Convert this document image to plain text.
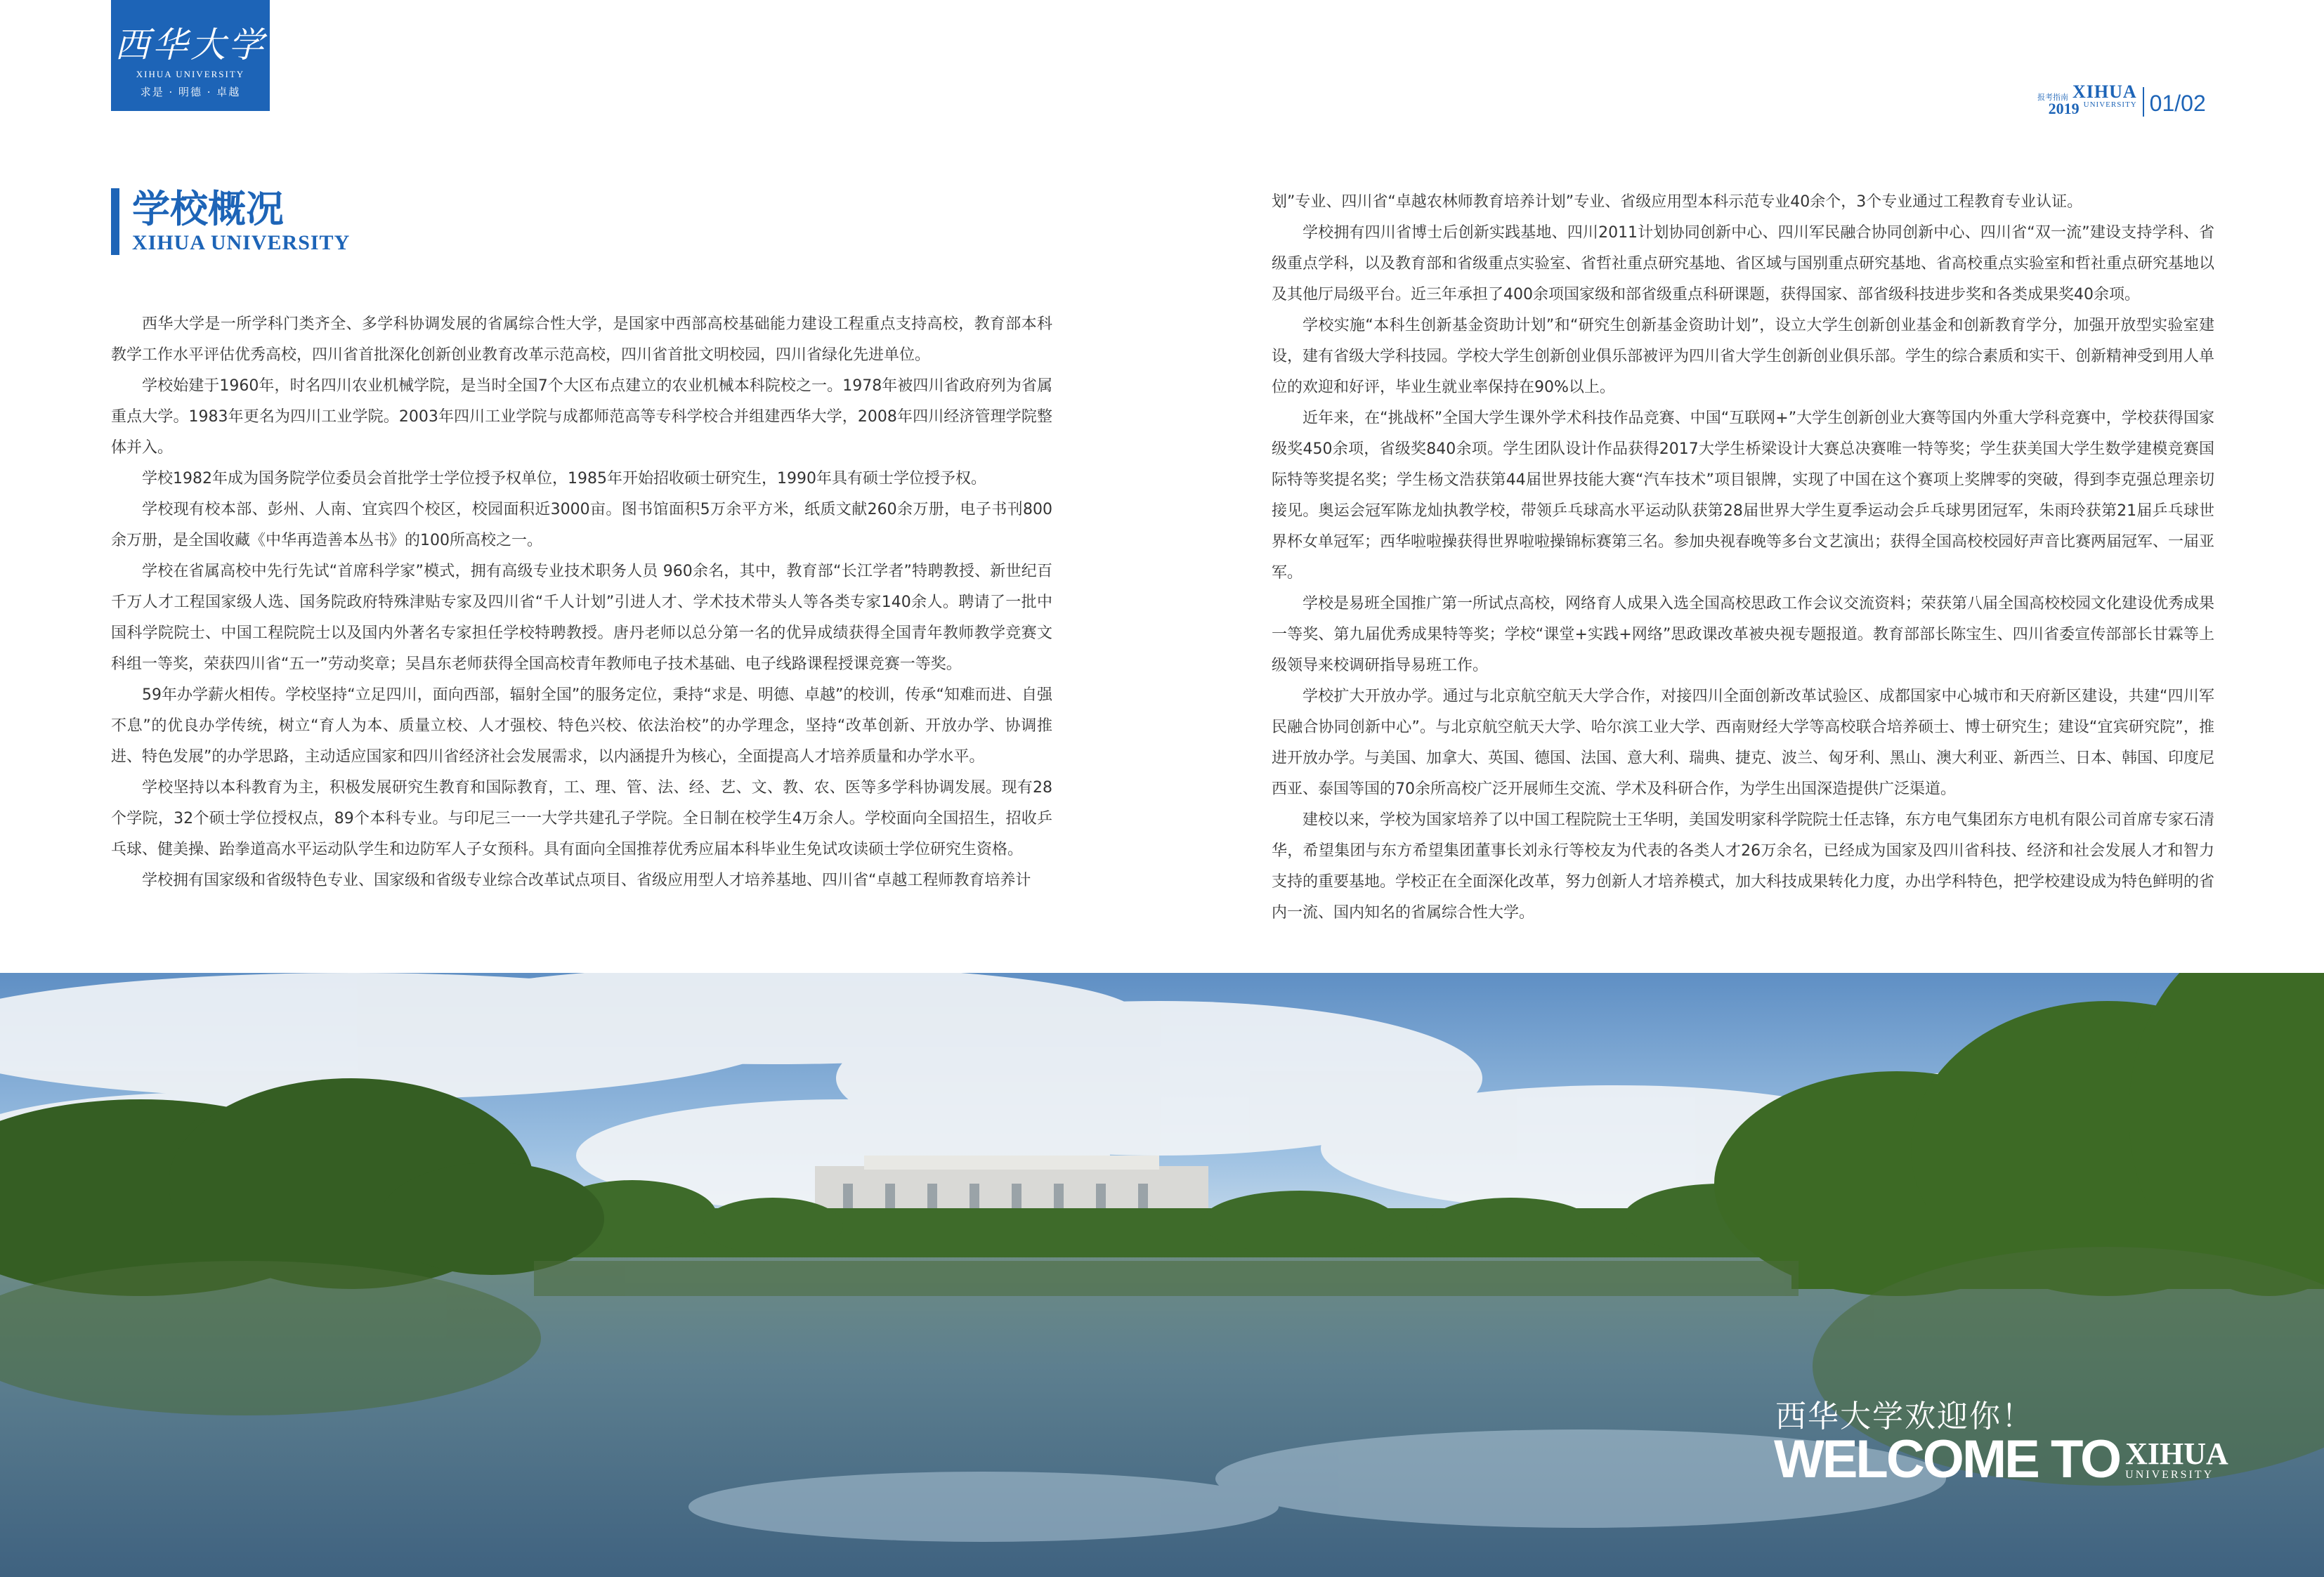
西华大学
XIHUA UNIVERSITY
求是 · 明德 · 卓越	报考指南 XIHUA
2019 UNIVERSITY 01/02
学校概况
XIHUA UNIVERSITY

西华大学是一所学科门类齐全、多学科协调发展的省属综合性大学，是国家中西部高校基础能力建设工程重点支持高校，教育部本科教学工作水平评估优秀高校，四川省首批深化创新创业教育改革示范高校，四川省首批文明校园，四川省绿化先进单位。

学校始建于1960年，时名四川农业机械学院，是当时全国7个大区布点建立的农业机械本科院校之一。1978年被四川省政府列为省属重点大学。1983年更名为四川工业学院。2003年四川工业学院与成都师范高等专科学校合并组建西华大学，2008年四川经济管理学院整体并入。

学校1982年成为国务院学位委员会首批学士学位授予权单位，1985年开始招收硕士研究生，1990年具有硕士学位授予权。

学校现有校本部、彭州、人南、宜宾四个校区，校园面积近3000亩。图书馆面积5万余平方米，纸质文献260余万册，电子书刊800余万册，是全国收藏《中华再造善本丛书》的100所高校之一。

学校在省属高校中先行先试“首席科学家”模式，拥有高级专业技术职务人员 960余名，其中，教育部“长江学者”特聘教授、新世纪百千万人才工程国家级人选、国务院政府特殊津贴专家及四川省“千人计划”引进人才、学术技术带头人等各类专家140余人。聘请了一批中国科学院院士、中国工程院院士以及国内外著名专家担任学校特聘教授。唐丹老师以总分第一名的优异成绩获得全国青年教师教学竞赛文科组一等奖，荣获四川省“五一”劳动奖章；吴昌东老师获得全国高校青年教师电子技术基础、电子线路课程授课竞赛一等奖。

59年办学薪火相传。学校坚持“立足四川，面向西部，辐射全国”的服务定位，秉持“求是、明德、卓越”的校训，传承“知难而进、自强不息”的优良办学传统，树立“育人为本、质量立校、人才强校、特色兴校、依法治校”的办学理念，坚持“改革创新、开放办学、协调推进、特色发展”的办学思路，主动适应国家和四川省经济社会发展需求，以内涵提升为核心，全面提高人才培养质量和办学水平。

学校坚持以本科教育为主，积极发展研究生教育和国际教育，工、理、管、法、经、艺、文、教、农、医等多学科协调发展。现有28个学院，32个硕士学位授权点，89个本科专业。与印尼三一一大学共建孔子学院。全日制在校学生4万余人。学校面向全国招生，招收乒乓球、健美操、跆拳道高水平运动队学生和边防军人子女预科。具有面向全国推荐优秀应届本科毕业生免试攻读硕士学位研究生资格。

学校拥有国家级和省级特色专业、国家级和省级专业综合改革试点项目、省级应用型人才培养基地、四川省“卓越工程师教育培养计

划”专业、四川省“卓越农林师教育培养计划”专业、省级应用型本科示范专业40余个，3个专业通过工程教育专业认证。

学校拥有四川省博士后创新实践基地、四川2011计划协同创新中心、四川军民融合协同创新中心、四川省“双一流”建设支持学科、省级重点学科，以及教育部和省级重点实验室、省哲社重点研究基地、省区域与国别重点研究基地、省高校重点实验室和哲社重点研究基地以及其他厅局级平台。近三年承担了400余项国家级和部省级重点科研课题，获得国家、部省级科技进步奖和各类成果奖40余项。

学校实施“本科生创新基金资助计划”和“研究生创新基金资助计划”，设立大学生创新创业基金和创新教育学分，加强开放型实验室建设，建有省级大学科技园。学校大学生创新创业俱乐部被评为四川省大学生创新创业俱乐部。学生的综合素质和实干、创新精神受到用人单位的欢迎和好评，毕业生就业率保持在90%以上。

近年来，在“挑战杯”全国大学生课外学术科技作品竞赛、中国“互联网+”大学生创新创业大赛等国内外重大学科竞赛中，学校获得国家级奖450余项，省级奖840余项。学生团队设计作品获得2017大学生桥梁设计大赛总决赛唯一特等奖；学生获美国大学生数学建模竞赛国际特等奖提名奖；学生杨文浩获第44届世界技能大赛“汽车技术”项目银牌，实现了中国在这个赛项上奖牌零的突破，得到李克强总理亲切接见。奥运会冠军陈龙灿执教学校，带领乒乓球高水平运动队获第28届世界大学生夏季运动会乒乓球男团冠军，朱雨玲获第21届乒乓球世界杯女单冠军；西华啦啦操获得世界啦啦操锦标赛第三名。参加央视春晚等多台文艺演出；获得全国高校校园好声音比赛两届冠军、一届亚军。

学校是易班全国推广第一所试点高校，网络育人成果入选全国高校思政工作会议交流资料；荣获第八届全国高校校园文化建设优秀成果一等奖、第九届优秀成果特等奖；学校“课堂+实践+网络”思政课改革被央视专题报道。教育部部长陈宝生、四川省委宣传部部长甘霖等上级领导来校调研指导易班工作。

学校扩大开放办学。通过与北京航空航天大学合作，对接四川全面创新改革试验区、成都国家中心城市和天府新区建设，共建“四川军民融合协同创新中心”。与北京航空航天大学、哈尔滨工业大学、西南财经大学等高校联合培养硕士、博士研究生；建设“宜宾研究院”，推进开放办学。与美国、加拿大、英国、德国、法国、意大利、瑞典、捷克、波兰、匈牙利、黑山、澳大利亚、新西兰、日本、韩国、印度尼西亚、泰国等国的70余所高校广泛开展师生交流、学术及科研合作，为学生出国深造提供广泛渠道。

建校以来，学校为国家培养了以中国工程院院士王华明，美国发明家科学院院士任志锋，东方电气集团东方电机有限公司首席专家石清华，希望集团与东方希望集团董事长刘永行等校友为代表的各类人才26万余名，已经成为国家及四川省科技、经济和社会发展人才和智力支持的重要基地。学校正在全面深化改革，努力创新人才培养模式，加大科技成果转化力度，办出学科特色，把学校建设成为特色鲜明的省内一流、国内知名的省属综合性大学。

西华大学欢迎你！
WELCOME TO XIHUA
UNIVERSITY
